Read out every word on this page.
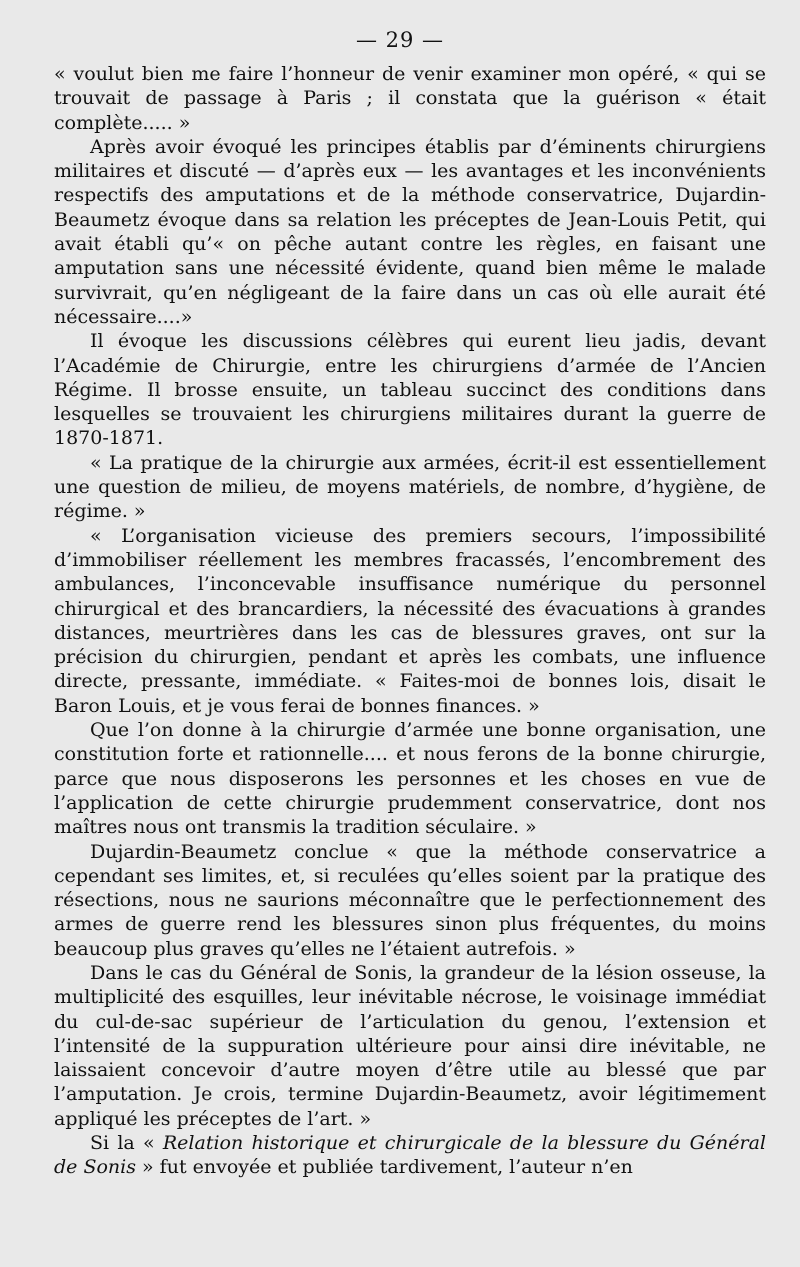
— 29 —

« voulut bien me faire l’honneur de venir examiner mon opéré, « qui se trouvait de passage à Paris ; il constata que la guérison « était complète..... »

Après avoir évoqué les principes établis par d’éminents chirurgiens militaires et discuté — d’après eux — les avantages et les inconvénients respectifs des amputations et de la méthode conservatrice, Dujardin-Beaumetz évoque dans sa relation les préceptes de Jean-Louis Petit, qui avait établi qu’« on pêche autant contre les règles, en faisant une amputation sans une nécessité évidente, quand bien même le malade survivrait, qu’en négligeant de la faire dans un cas où elle aurait été nécessaire....»

Il évoque les discussions célèbres qui eurent lieu jadis, devant l’Académie de Chirurgie, entre les chirurgiens d’armée de l’Ancien Régime. Il brosse ensuite, un tableau succinct des conditions dans lesquelles se trouvaient les chirurgiens militaires durant la guerre de 1870-1871.

« La pratique de la chirurgie aux armées, écrit-il est essentiellement une question de milieu, de moyens matériels, de nombre, d’hygiène, de régime. »

« L’organisation vicieuse des premiers secours, l’impossibilité d’immobiliser réellement les membres fracassés, l’encombrement des ambulances, l’inconcevable insuffisance numérique du personnel chirurgical et des brancardiers, la nécessité des évacuations à grandes distances, meurtrières dans les cas de blessures graves, ont sur la précision du chirurgien, pendant et après les combats, une influence directe, pressante, immédiate. « Faites-moi de bonnes lois, disait le Baron Louis, et je vous ferai de bonnes finances. »

Que l’on donne à la chirurgie d’armée une bonne organisation, une constitution forte et rationnelle.... et nous ferons de la bonne chirurgie, parce que nous disposerons les personnes et les choses en vue de l’application de cette chirurgie prudemment conservatrice, dont nos maîtres nous ont transmis la tradition séculaire. »

Dujardin-Beaumetz conclue « que la méthode conservatrice a cependant ses limites, et, si reculées qu’elles soient par la pratique des résections, nous ne saurions méconnaître que le perfectionnement des armes de guerre rend les blessures sinon plus fréquentes, du moins beaucoup plus graves qu’elles ne l’étaient autrefois. »

Dans le cas du Général de Sonis, la grandeur de la lésion osseuse, la multiplicité des esquilles, leur inévitable nécrose, le voisinage immédiat du cul-de-sac supérieur de l’articulation du genou, l’extension et l’intensité de la suppuration ultérieure pour ainsi dire inévitable, ne laissaient concevoir d’autre moyen d’être utile au blessé que par l’amputation. Je crois, termine Dujardin-Beaumetz, avoir légitimement appliqué les préceptes de l’art. »

Si la « Relation historique et chirurgicale de la blessure du Général de Sonis » fut envoyée et publiée tardivement, l’auteur n’en
